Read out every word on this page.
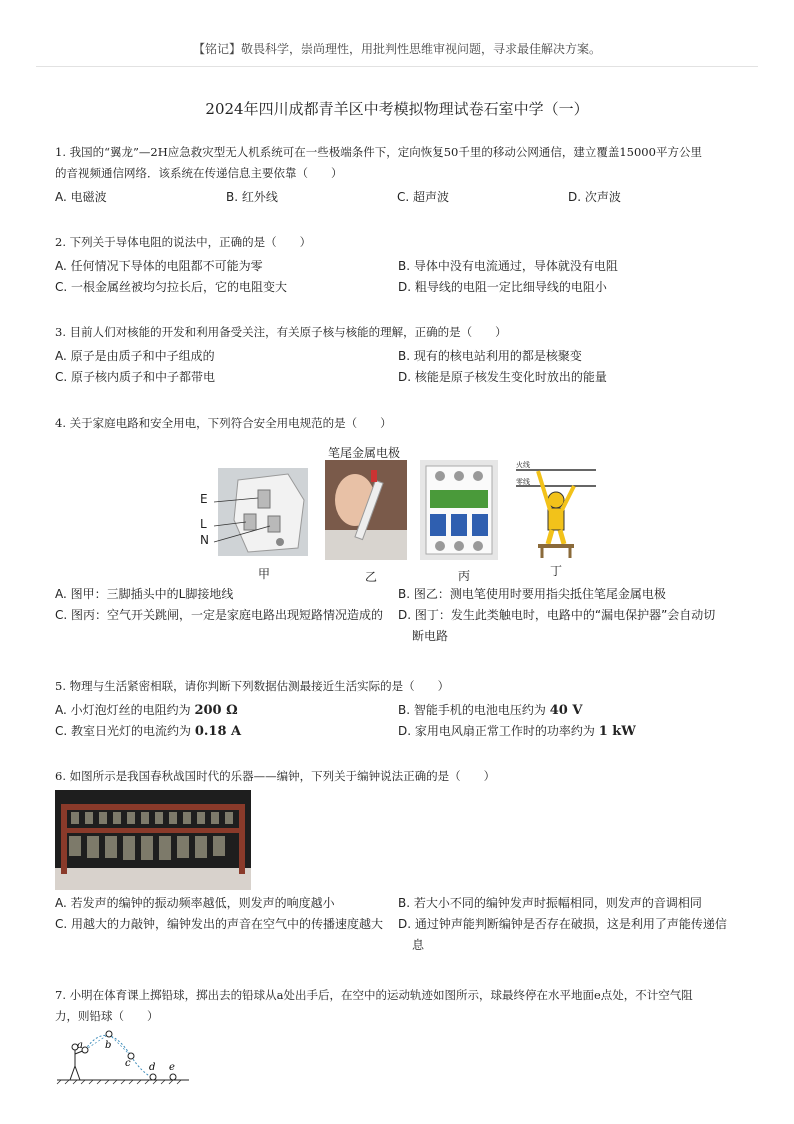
【铭记】敬畏科学，崇尚理性，用批判性思维审视问题，寻求最佳解决方案。
2024年四川成都青羊区中考模拟物理试卷石室中学（一）
1. 我国的“翼龙”—2H应急救灾型无人机系统可在一些极端条件下，定向恢复50千里的移动公网通信，建立覆盖15000平方公里
的音视频通信网络．该系统在传递信息主要依靠（　　）
A. 电磁波	B. 红外线	C. 超声波	D. 次声波
2. 下列关于导体电阻的说法中，正确的是（　　）
A. 任何情况下导体的电阻都不可能为零	B. 导体中没有电流通过，导体就没有电阻
C. 一根金属丝被均匀拉长后，它的电阻变大	D. 粗导线的电阻一定比细导线的电阻小
3. 目前人们对核能的开发和利用备受关注，有关原子核与核能的理解，正确的是（　　）
A. 原子是由质子和中子组成的	B. 现有的核电站利用的都是核聚变
C. 原子核内质子和中子都带电	D. 核能是原子核发生变化时放出的能量
4. 关于家庭电路和安全用电，下列符合安全用电规范的是（　　）
E
L
N
甲
笔尾金属电极
乙	丙
火线
零线
丁
A. 图甲：三脚插头中的L脚接地线	B. 图乙：测电笔使用时要用指尖抵住笔尾金属电极
C. 图丙：空气开关跳闸，一定是家庭电路出现短路情况造成的	D. 图丁：发生此类触电时，电路中的“漏电保护器”会自动切
断电路
5. 物理与生活紧密相联，请你判断下列数据估测最接近生活实际的是（　　）
A. 小灯泡灯丝的电阻约为 200 Ω	B. 智能手机的电池电压约为 40 V
C. 教室日光灯的电流约为 0.18 A	D. 家用电风扇正常工作时的功率约为 1 kW
6. 如图所示是我国春秋战国时代的乐器——编钟，下列关于编钟说法正确的是（　　）
A. 若发声的编钟的振动频率越低，则发声的响度越小	B. 若大小不同的编钟发声时振幅相同，则发声的音调相同
C. 用越大的力敲钟，编钟发出的声音在空气中的传播速度越大	D. 通过钟声能判断编钟是否存在破损，这是利用了声能传递信
息
7. 小明在体育课上掷铅球，掷出去的铅球从a处出手后，在空中的运动轨迹如图所示，球最终停在水平地面e点处，不计空气阻
力，则铅球（　　）
a b
c d e
